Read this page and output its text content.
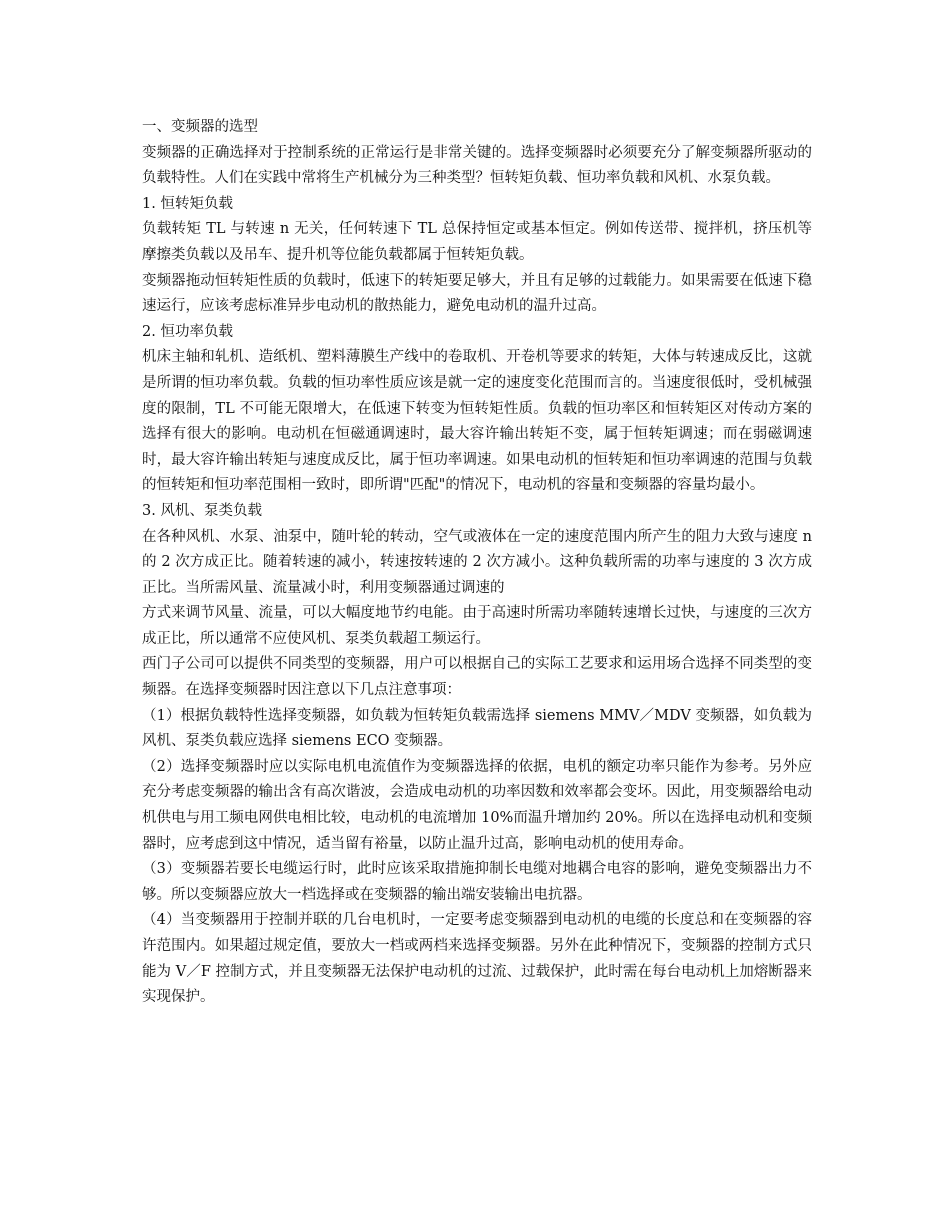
一、变频器的选型
变频器的正确选择对于控制系统的正常运行是非常关键的。选择变频器时必须要充分了解变频器所驱动的负载特性。人们在实践中常将生产机械分为三种类型？恒转矩负载、恒功率负载和风机、水泵负载。
1. 恒转矩负载
负载转矩 TL 与转速 n 无关，任何转速下 TL 总保持恒定或基本恒定。例如传送带、搅拌机，挤压机等摩擦类负载以及吊车、提升机等位能负载都属于恒转矩负载。
变频器拖动恒转矩性质的负载时，低速下的转矩要足够大，并且有足够的过载能力。如果需要在低速下稳速运行，应该考虑标准异步电动机的散热能力，避免电动机的温升过高。
2. 恒功率负载
机床主轴和轧机、造纸机、塑料薄膜生产线中的卷取机、开卷机等要求的转矩，大体与转速成反比，这就是所谓的恒功率负载。负载的恒功率性质应该是就一定的速度变化范围而言的。当速度很低时，受机械强度的限制，TL 不可能无限增大，在低速下转变为恒转矩性质。负载的恒功率区和恒转矩区对传动方案的选择有很大的影响。电动机在恒磁通调速时，最大容许输出转矩不变，属于恒转矩调速；而在弱磁调速时，最大容许输出转矩与速度成反比，属于恒功率调速。如果电动机的恒转矩和恒功率调速的范围与负载的恒转矩和恒功率范围相一致时，即所谓"匹配"的情况下，电动机的容量和变频器的容量均最小。
3. 风机、泵类负载
在各种风机、水泵、油泵中，随叶轮的转动，空气或液体在一定的速度范围内所产生的阻力大致与速度 n 的 2 次方成正比。随着转速的减小，转速按转速的 2 次方减小。这种负载所需的功率与速度的 3 次方成正比。当所需风量、流量减小时，利用变频器通过调速的
方式来调节风量、流量，可以大幅度地节约电能。由于高速时所需功率随转速增长过快，与速度的三次方成正比，所以通常不应使风机、泵类负载超工频运行。
西门子公司可以提供不同类型的变频器，用户可以根据自己的实际工艺要求和运用场合选择不同类型的变频器。在选择变频器时因注意以下几点注意事项：
（1）根据负载特性选择变频器，如负载为恒转矩负载需选择 siemens MMV／MDV 变频器，如负载为风机、泵类负载应选择 siemens ECO 变频器。
（2）选择变频器时应以实际电机电流值作为变频器选择的依据，电机的额定功率只能作为参考。另外应充分考虑变频器的输出含有高次谐波，会造成电动机的功率因数和效率都会变坏。因此，用变频器给电动机供电与用工频电网供电相比较，电动机的电流增加 10%而温升增加约 20%。所以在选择电动机和变频器时，应考虑到这中情况，适当留有裕量，以防止温升过高，影响电动机的使用寿命。
（3）变频器若要长电缆运行时，此时应该采取措施抑制长电缆对地耦合电容的影响，避免变频器出力不够。所以变频器应放大一档选择或在变频器的输出端安装输出电抗器。
（4）当变频器用于控制并联的几台电机时，一定要考虑变频器到电动机的电缆的长度总和在变频器的容许范围内。如果超过规定值，要放大一档或两档来选择变频器。另外在此种情况下，变频器的控制方式只能为 V／F 控制方式，并且变频器无法保护电动机的过流、过载保护，此时需在每台电动机上加熔断器来实现保护。
